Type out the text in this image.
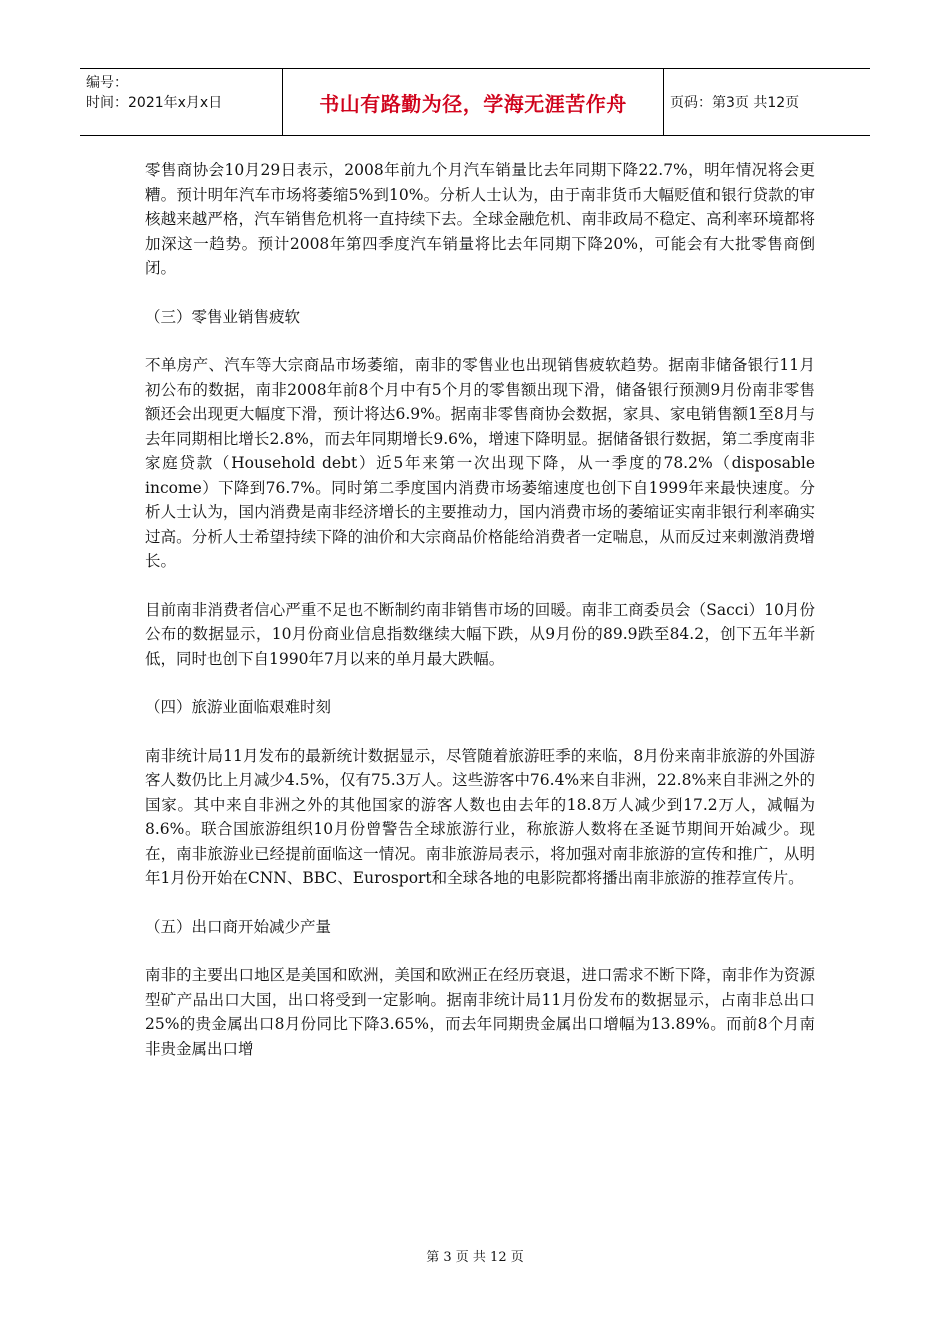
编号：
时间：2021年x月x日	书山有路勤为径，学海无涯苦作舟	页码：第3页 共12页

零售商协会10月29日表示，2008年前九个月汽车销量比去年同期下降22.7%，明年情况将会更糟。预计明年汽车市场将萎缩5%到10%。分析人士认为，由于南非货币大幅贬值和银行贷款的审核越来越严格，汽车销售危机将一直持续下去。全球金融危机、南非政局不稳定、高利率环境都将加深这一趋势。预计2008年第四季度汽车销量将比去年同期下降20%，可能会有大批零售商倒闭。

（三）零售业销售疲软

不单房产、汽车等大宗商品市场萎缩，南非的零售业也出现销售疲软趋势。据南非储备银行11月初公布的数据，南非2008年前8个月中有5个月的零售额出现下滑，储备银行预测9月份南非零售额还会出现更大幅度下滑，预计将达6.9%。据南非零售商协会数据，家具、家电销售额1至8月与去年同期相比增长2.8%，而去年同期增长9.6%，增速下降明显。据储备银行数据，第二季度南非家庭贷款（Household debt）近5年来第一次出现下降，从一季度的78.2%（disposable income）下降到76.7%。同时第二季度国内消费市场萎缩速度也创下自1999年来最快速度。分析人士认为，国内消费是南非经济增长的主要推动力，国内消费市场的萎缩证实南非银行利率确实过高。分析人士希望持续下降的油价和大宗商品价格能给消费者一定喘息，从而反过来刺激消费增长。

目前南非消费者信心严重不足也不断制约南非销售市场的回暖。南非工商委员会（Sacci）10月份公布的数据显示，10月份商业信息指数继续大幅下跌，从9月份的89.9跌至84.2，创下五年半新低，同时也创下自1990年7月以来的单月最大跌幅。

（四）旅游业面临艰难时刻

南非统计局11月发布的最新统计数据显示，尽管随着旅游旺季的来临，8月份来南非旅游的外国游客人数仍比上月减少4.5%，仅有75.3万人。这些游客中76.4%来自非洲，22.8%来自非洲之外的国家。其中来自非洲之外的其他国家的游客人数也由去年的18.8万人减少到17.2万人，减幅为8.6%。联合国旅游组织10月份曾警告全球旅游行业，称旅游人数将在圣诞节期间开始减少。现在，南非旅游业已经提前面临这一情况。南非旅游局表示，将加强对南非旅游的宣传和推广，从明年1月份开始在CNN、BBC、Eurosport和全球各地的电影院都将播出南非旅游的推荐宣传片。

（五）出口商开始减少产量

南非的主要出口地区是美国和欧洲，美国和欧洲正在经历衰退，进口需求不断下降，南非作为资源型矿产品出口大国，出口将受到一定影响。据南非统计局11月份发布的数据显示，占南非总出口25%的贵金属出口8月份同比下降3.65%，而去年同期贵金属出口增幅为13.89%。而前8个月南非贵金属出口增

第 3 页 共 12 页
